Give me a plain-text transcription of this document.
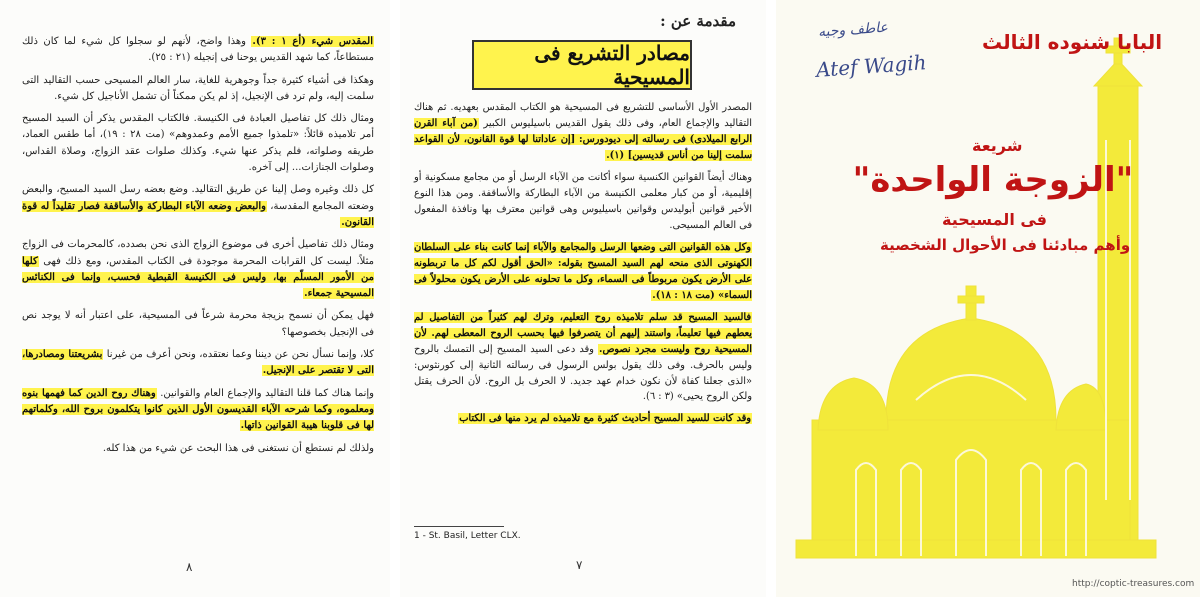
المقدس شيء (أع ١ : ٣). وهذا واضح، لأنهم لو سجلوا كل شيء لما كان ذلك مستطاعاً، كما شهد القديس يوحنا فى إنجيله (٢١ : ٢٥).
وهكذا فى أشياء كثيرة جداً وجوهرية للغاية، سار العالم المسيحى حسب التقاليد التى سلمت إليه، ولم ترد فى الإنجيل، إذ لم يكن ممكناً أن تشمل الأناجيل كل شيء.
ومثال ذلك كل تفاصيل العبادة فى الكنيسة. فالكتاب المقدس يذكر أن السيد المسيح أمر تلاميذه قائلاً: «تلمذوا جميع الأمم وعمدوهم» (مت ٢٨ : ١٩)، أما طقس العماد، طريقه وصلواته، فلم يذكر عنها شيء. وكذلك صلوات عقد الزواج، وصلاة القداس، وصلوات الجنازات... إلى آخره.
كل ذلك وغيره وصل إلينا عن طريق التقاليد. وضع بعضه رسل السيد المسيح، والبعض وضعته المجامع المقدسة، والبعض وضعه الآباء البطاركة والأساقفة فصار تقليداً له قوة القانون.
ومثال ذلك تفاصيل أخرى فى موضوع الزواج الذى نحن بصدده، كالمحرمات فى الزواج مثلاً. ليست كل القرابات المحرمة موجودة فى الكتاب المقدس، ومع ذلك فهى كلها من الأمور المسلّم بها، وليس فى الكنيسة القبطية فحسب، وإنما فى الكنائس المسيحية جمعاء.
فهل يمكن أن نسمح بزيجة محرمة شرعاً فى المسيحية، على اعتبار أنه لا يوجد نص فى الإنجيل بخصوصها؟
كلا، وإنما نسأل نحن عن ديننا وعما نعتقده، ونحن أعرف من غيرنا بشريعتنا ومصادرها، التى لا تقتصر على الإنجيل.
وإنما هناك كما قلنا التقاليد والإجماع العام والقوانين. وهناك روح الدين كما فهمها بنوه ومعلموه، وكما شرحه الآباء القديسون الأول الذين كانوا يتكلمون بروح الله، وكلماتهم لها فى قلوبنا هيبة القوانين ذاتها.
ولذلك لم نستطع أن نستغنى فى هذا البحث عن شيء من هذا كله.
٨
مقدمة عن :
مصادر التشريع فى المسيحية
المصدر الأول الأساسى للتشريع فى المسيحية هو الكتاب المقدس بعهديه. ثم هناك التقاليد والإجماع العام، وفى ذلك يقول القديس باسيليوس الكبير (من آباء القرن الرابع الميلادى) فى رسالته إلى ديودورس: [إن عاداتنا لها قوة القانون، لأن القواعد سلمت إلينا من أناس قديسين] (١).
وهناك أيضاً القوانين الكنسية سواء أكانت من الآباء الرسل أو من مجامع مسكونية أو إقليمية، أو من كبار معلمى الكنيسة من الآباء البطاركة والأساقفة. ومن هذا النوع الأخير قوانين أبوليدس وقوانين باسيليوس وهى قوانين معترف بها ونافذة المفعول فى العالم المسيحى.
وكل هذه القوانين التى وضعها الرسل والمجامع والآباء إنما كانت بناء على السلطان الكهنوتى الذى منحه لهم السيد المسيح بقوله: «الحق أقول لكم كل ما تربطونه على الأرض يكون مربوطاً فى السماء، وكل ما تحلونه على الأرض يكون محلولاً فى السماء» (مت ١٨ : ١٨).
فالسيد المسيح قد سلم تلاميذه روح التعليم، وترك لهم كثيراً من التفاصيل لم يعطهم فيها تعليماً، واستند إليهم أن يتصرفوا فيها بحسب الروح المعطى لهم. لأن المسيحية روح وليست مجرد نصوص. وقد دعى السيد المسيح إلى التمسك بالروح وليس بالحرف. وفى ذلك يقول بولس الرسول فى رسالته الثانية إلى كورنثوس: «الذى جعلنا كفاة لأن نكون خدام عهد جديد. لا الحرف بل الروح. لأن الحرف يقتل ولكن الروح يحيى» (٣ : ٦).
وقد كانت للسيد المسيح أحاديث كثيرة مع تلاميذه لم يرد منها فى الكتاب
1 - St. Basil, Letter CLX.
٧
البابا شنوده الثالث
عاطف وجيه
Atef Wagih
شريعة
"الزوجة الواحدة"
فى المسيحية
وأهم مبادئنا فى الأحوال الشخصية
http://coptic-treasures.com
